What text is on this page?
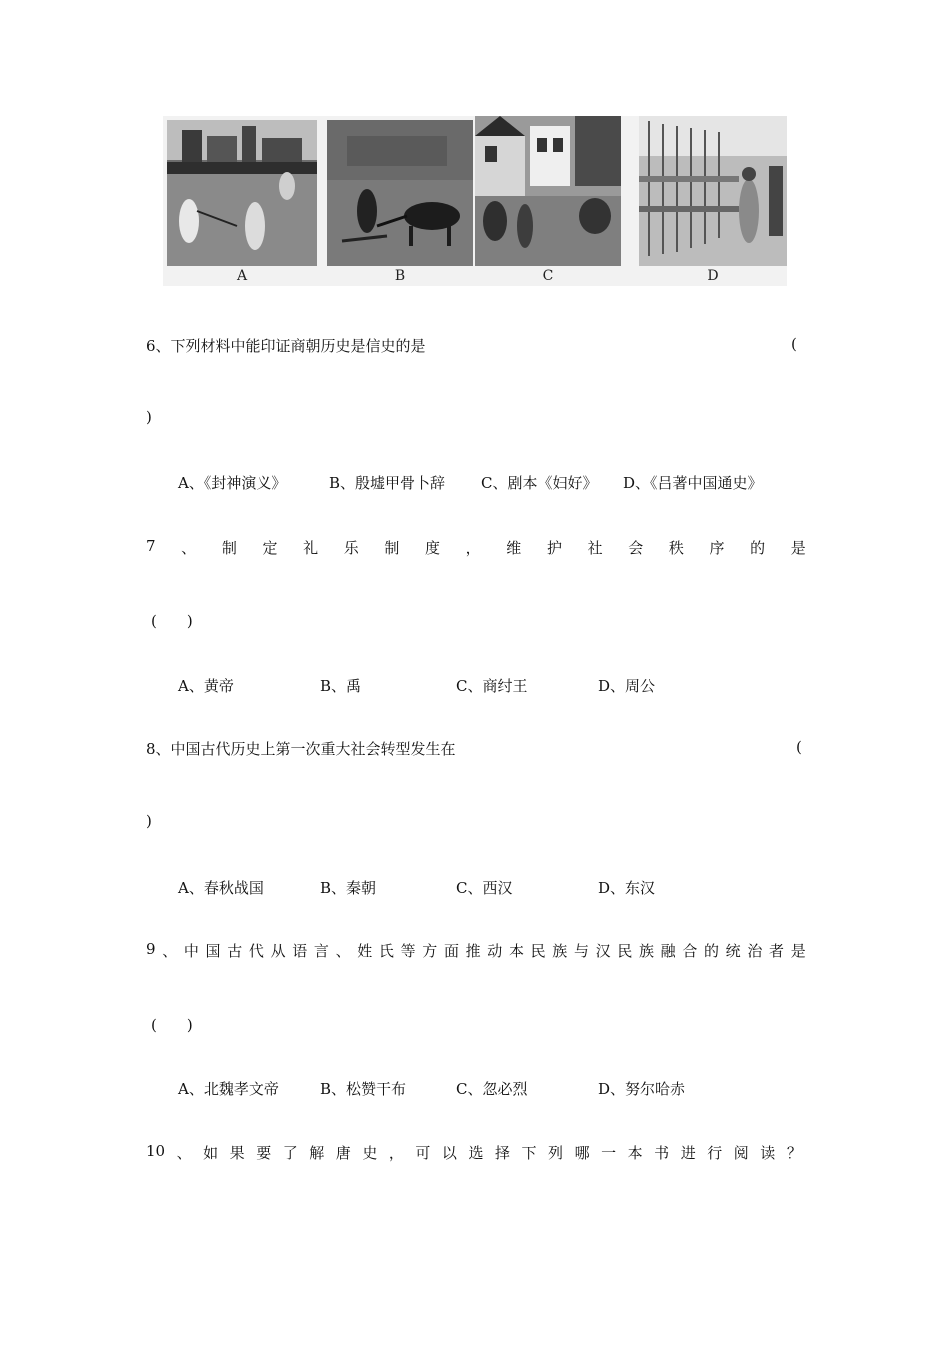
A	B	C	D
6、下列材料中能印证商朝历史是信史的是	(
)
A、《封神演义》	B、殷墟甲骨卜辞 C、剧本《妇好》 D、《吕著中国通史》
7 、 制 定 礼 乐 制 度 ， 维 护 社 会 秩 序 的 是
(　　)
A、黄帝	B、禹	C、商纣王	D、周公
8、中国古代历史上第一次重大社会转型发生在	(
)
A、春秋战国	B、秦朝	C、西汉	D、东汉
9 、 中 国 古 代 从 语 言 、 姓 氏 等 方 面 推 动 本 民 族 与 汉 民 族 融 合 的 统 治 者 是
(　　)
A、北魏孝文帝	B、松赞干布	C、忽必烈	D、努尔哈赤
10 、 如 果 要 了 解 唐 史 ， 可 以 选 择 下 列 哪 一 本 书 进 行 阅 读 ？
